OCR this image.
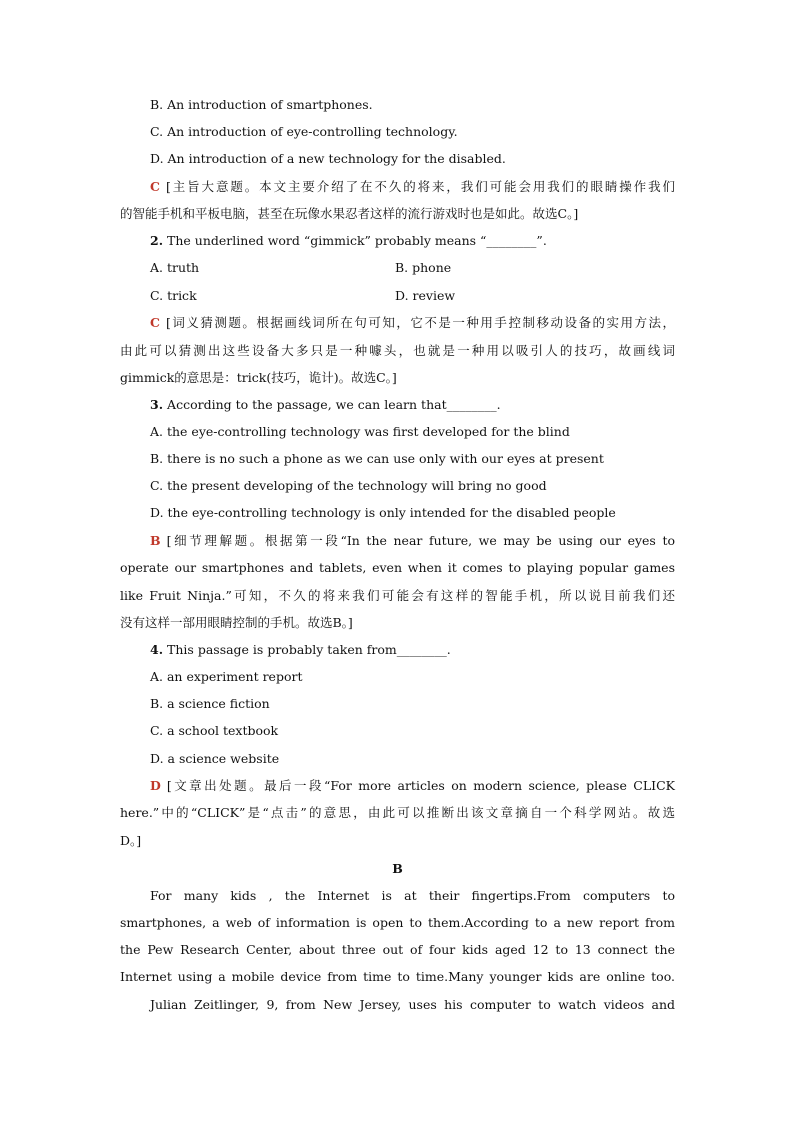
B. An introduction of smartphones.
C. An introduction of eye-controlling technology.
D. An introduction of a new technology for the disabled.
C [主旨大意题。本文主要介绍了在不久的将来，我们可能会用我们的眼睛操作我们
的智能手机和平板电脑，甚至在玩像水果忍者这样的流行游戏时也是如此。故选C。]
2. The underlined word “gimmick” probably means “________”.
A. truth	B. phone
C. trick	D. review
C [词义猜测题。根据画线词所在句可知，它不是一种用手控制移动设备的实用方法，
由此可以猜测出这些设备大多只是一种噱头，也就是一种用以吸引人的技巧，故画线词
gimmick的意思是：trick(技巧，诡计)。故选C。]
3. According to the passage, we can learn that________.
A. the eye-controlling technology was first developed for the blind
B. there is no such a phone as we can use only with our eyes at present
C. the present developing of the technology will bring no good
D. the eye-controlling technology is only intended for the disabled people
B [细节理解题。根据第一段“In the near future, we may be using our eyes to
operate our smartphones and tablets, even when it comes to playing popular games
like Fruit Ninja.”可知，不久的将来我们可能会有这样的智能手机，所以说目前我们还
没有这样一部用眼睛控制的手机。故选B。]
4. This passage is probably taken from________.
A. an experiment report
B. a science fiction
C. a school textbook
D. a science website
D [文章出处题。最后一段“For more articles on modern science, please CLICK
here.”中的“CLICK”是“点击”的意思，由此可以推断出该文章摘自一个科学网站。故选
D。]
B
For many kids , the Internet is at their fingertips.From computers to
smartphones, a web of information is open to them.According to a new report from
the Pew Research Center, about three out of four kids aged 12 to 13 connect the
Internet using a mobile device from time to time.Many younger kids are online too.
Julian Zeitlinger, 9, from New Jersey, uses his computer to watch videos and
